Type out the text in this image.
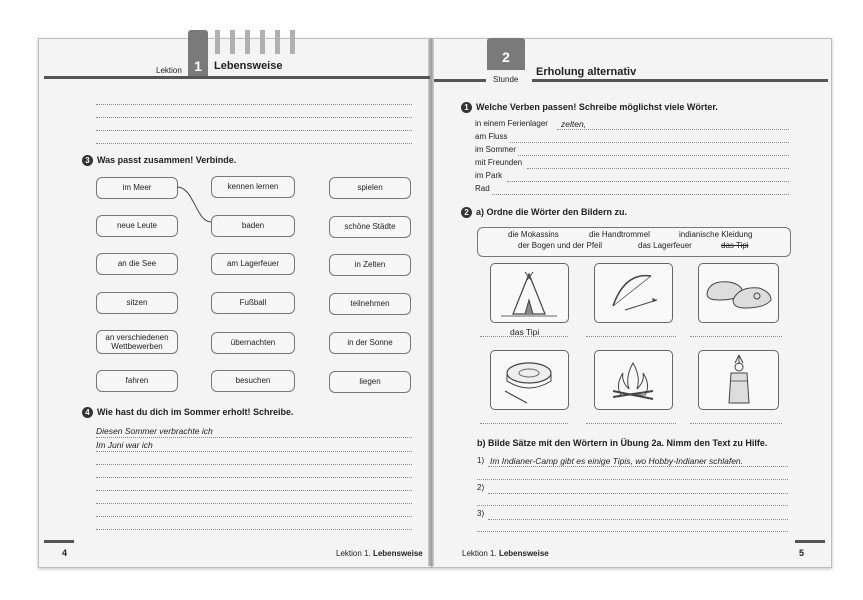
Lektion 1	Lebensweise
3 Was passt zusammen! Verbinde.
im Meer
neue Leute
an die See
sitzen
an verschiedenen Wettbewerben
fahren
kennen lernen
baden
am Lagerfeuer
Fußball
übernachten
besuchen
spielen
schöne Städte
in Zelten
teilnehmen
in der Sonne
liegen
4 Wie hast du dich im Sommer erholt! Schreibe.
Diesen Sommer verbrachte ich
Im Juni war ich
4	Lektion 1. Lebensweise
2
Stunde
Erholung alternativ
1 Welche Verben passen! Schreibe möglichst viele Wörter.
in einem Ferienlager zelten,
am Fluss
im Sommer
mit Freunden
im Park
Rad
2 a) Ordne die Wörter den Bildern zu.
die Mokassins	die Handtrommel	indianische Kleidung
der Bogen und der Pfeil	das Lagerfeuer	das Tipi
das Tipi
b) Bilde Sätze mit den Wörtern in Übung 2a. Nimm den Text zu Hilfe.
1) Im Indianer-Camp gibt es einige Tipis, wo Hobby-Indianer schlafen.
2)
3)
Lektion 1. Lebensweise	5
